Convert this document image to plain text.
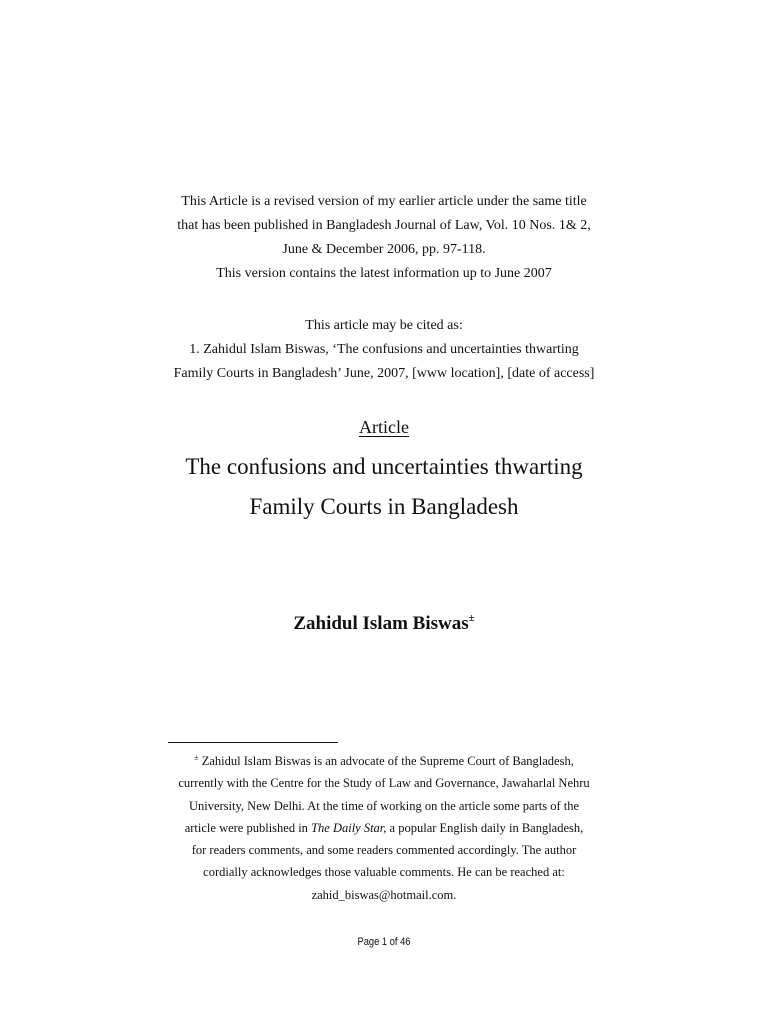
This Article is a revised version of my earlier article under the same title
that has been published in Bangladesh Journal of Law, Vol. 10 Nos. 1& 2,
June & December 2006, pp. 97-118.
This version contains the latest information up to June 2007
This article may be cited as:
1. Zahidul Islam Biswas, ‘The confusions and uncertainties thwarting
Family Courts in Bangladesh’ June, 2007, [www location], [date of access]
Article
The confusions and uncertainties thwarting
Family Courts in Bangladesh
Zahidul Islam Biswas±
± Zahidul Islam Biswas is an advocate of the Supreme Court of Bangladesh,
currently with the Centre for the Study of Law and Governance, Jawaharlal Nehru
University, New Delhi. At the time of working on the article some parts of the
article were published in The Daily Star, a popular English daily in Bangladesh,
for readers comments, and some readers commented accordingly. The author
cordially acknowledges those valuable comments. He can be reached at:
zahid_biswas@hotmail.com.
Page 1 of 46
